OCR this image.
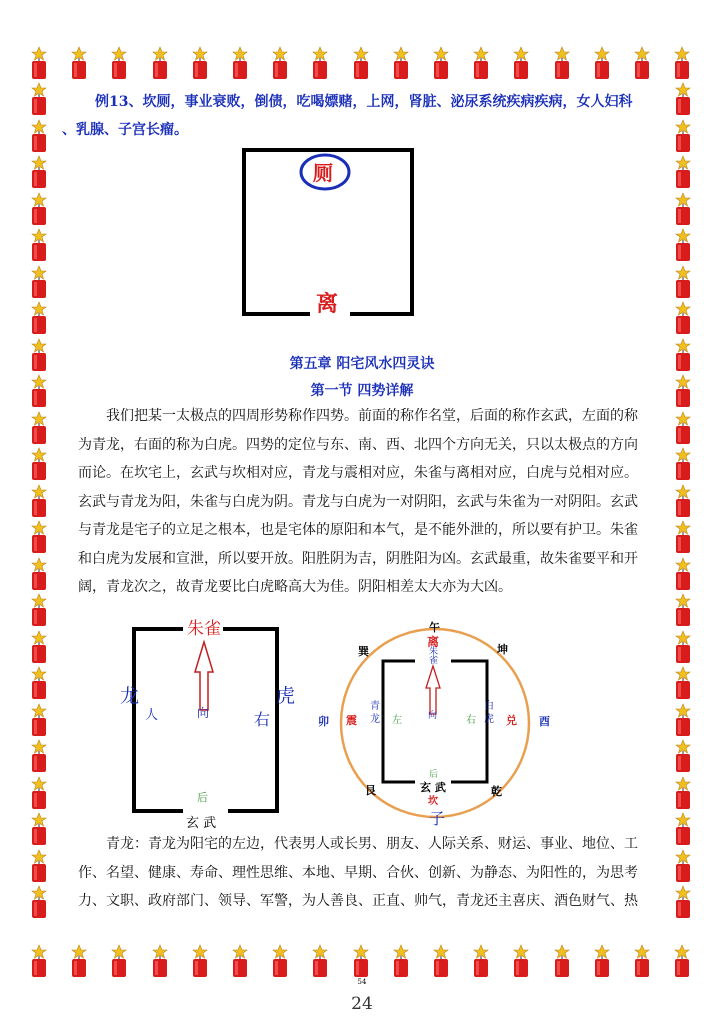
例13、坎厕，事业衰败，倒债，吃喝嫖赌，上网，肾脏、泌尿系统疾病疾病，女人妇科
、乳腺、子宫长瘤。
厕
离
第五章 阳宅风水四灵诀
第一节 四势详解

我们把某一太极点的四周形势称作四势。前面的称作名堂，后面的称作玄武，左面的称

为青龙，右面的称为白虎。四势的定位与东、南、西、北四个方向无关，只以太极点的方向

而论。在坎宅上，玄武与坎相对应，青龙与震相对应，朱雀与离相对应，白虎与兑相对应。

玄武与青龙为阳，朱雀与白虎为阴。青龙与白虎为一对阴阳，玄武与朱雀为一对阴阳。玄武

与青龙是宅子的立足之根本，也是宅体的原阳和本气，是不能外泄的，所以要有护卫。朱雀

和白虎为发展和宣泄，所以要开放。阳胜阴为吉，阴胜阳为凶。玄武最重，故朱雀要平和开

阔，青龙次之，故青龙要比白虎略高大为佳。阴阳相差太大亦为大凶。

朱雀
龙
人	向
虎
右
后
玄 武
午
离
朱
雀
坤
巽
卯 震
青
龙 左	向	右
白
虎 兑 酉
后
艮	玄 武
坎
乾
子

青龙：青龙为阳宅的左边，代表男人或长男、朋友、人际关系、财运、事业、地位、工

作、名望、健康、寿命、理性思维、本地、早期、合伙、创新、为静态、为阳性的，为思考

力、文职、政府部门、领导、军警，为人善良、正直、帅气，青龙还主喜庆、酒色财气、热

54
24
